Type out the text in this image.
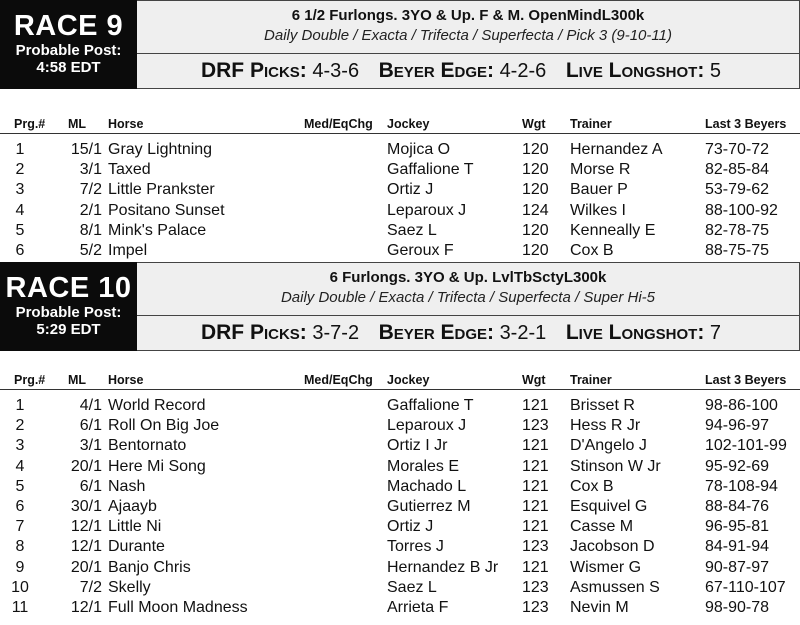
RACE 9
Probable Post:
4:58 EDT
6 1/2 Furlongs. 3YO & Up. F & M. OpenMindL300k
Daily Double / Exacta / Trifecta / Superfecta / Pick 3 (9-10-11)
DRF Picks: 4-3-6 Beyer Edge: 4-2-6 Live Longshot: 5
Prg.# ML Horse	Med/EqChg Jockey	Wgt Trainer	Last 3 Beyers
1	15/1 Gray Lightning	Mojica O	120 Hernandez A	73-70-72
2	3/1 Taxed	Gaffalione T	120 Morse R	82-85-84
3	7/2 Little Prankster	Ortiz J	120 Bauer P	53-79-62
4	2/1 Positano Sunset	Leparoux J	124 Wilkes I	88-100-92
5	8/1 Mink's Palace	Saez L	120 Kenneally E	82-78-75
6	5/2 Impel	Geroux F	120 Cox B	88-75-75
RACE 10
Probable Post:
5:29 EDT
6 Furlongs. 3YO & Up. LvlTbSctyL300k
Daily Double / Exacta / Trifecta / Superfecta / Super Hi-5
DRF Picks: 3-7-2 Beyer Edge: 3-2-1 Live Longshot: 7
Prg.# ML Horse	Med/EqChg Jockey	Wgt Trainer	Last 3 Beyers
1	4/1 World Record	Gaffalione T	121 Brisset R	98-86-100
2	6/1 Roll On Big Joe	Leparoux J	123 Hess R Jr	94-96-97
3	3/1 Bentornato	Ortiz I Jr	121 D'Angelo J	102-101-99
4	20/1 Here Mi Song	Morales E	121 Stinson W Jr	95-92-69
5	6/1 Nash	Machado L	121 Cox B	78-108-94
6	30/1 Ajaayb	Gutierrez M	121 Esquivel G	88-84-76
7	12/1 Little Ni	Ortiz J	121 Casse M	96-95-81
8	12/1 Durante	Torres J	123 Jacobson D	84-91-94
9	20/1 Banjo Chris	Hernandez B Jr 121 Wismer G	90-87-97
10	7/2 Skelly	Saez L	123 Asmussen S	67-110-107
11	12/1 Full Moon Madness	Arrieta F	123 Nevin M	98-90-78
